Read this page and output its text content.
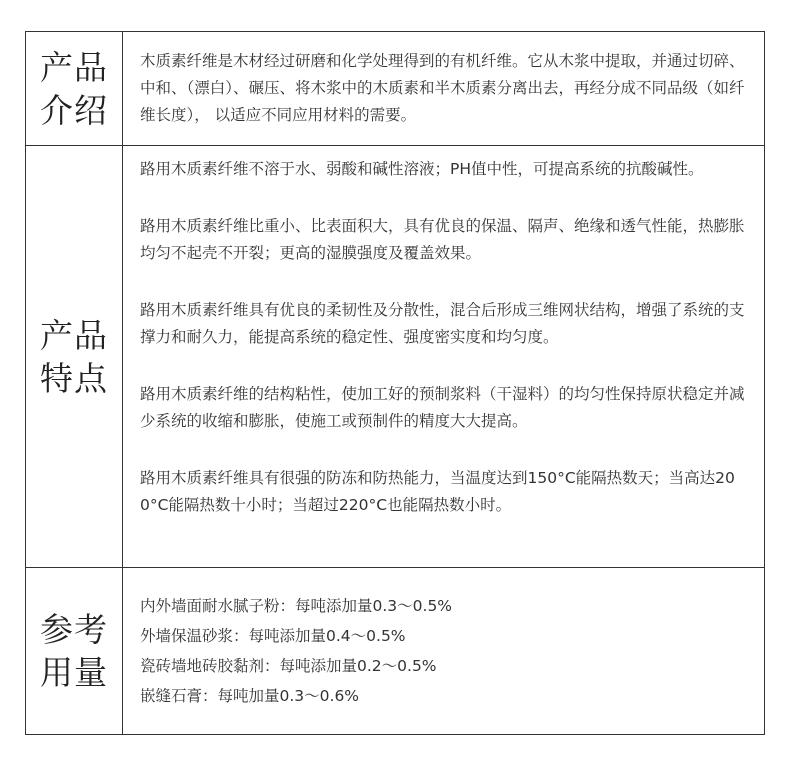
产品介绍

木质素纤维是木材经过研磨和化学处理得到的有机纤维。它从木浆中提取，并通过切碎、中和、（漂白）、碾压、将木浆中的木质素和半木质素分离出去，再经分成不同品级（如纤维长度）， 以适应不同应用材料的需要。

产品特点

路用木质素纤维不溶于水、弱酸和碱性溶液；PH值中性，可提高系统的抗酸碱性。

路用木质素纤维比重小、比表面积大，具有优良的保温、隔声、绝缘和透气性能，热膨胀均匀不起壳不开裂；更高的湿膜强度及覆盖效果。

路用木质素纤维具有优良的柔韧性及分散性，混合后形成三维网状结构，增强了系统的支撑力和耐久力，能提高系统的稳定性、强度密实度和均匀度。

路用木质素纤维的结构粘性，使加工好的预制浆料（干湿料）的均匀性保持原状稳定并减少系统的收缩和膨胀，使施工或预制件的精度大大提高。

路用木质素纤维具有很强的防冻和防热能力，当温度达到150°C能隔热数天；当高达200°C能隔热数十小时；当超过220°C也能隔热数小时。

参考用量

内外墙面耐水腻子粉：每吨添加量0.3～0.5%

外墙保温砂浆：每吨添加量0.4～0.5%

瓷砖墙地砖胶黏剂：每吨添加量0.2～0.5%

嵌缝石膏：每吨加量0.3～0.6%
